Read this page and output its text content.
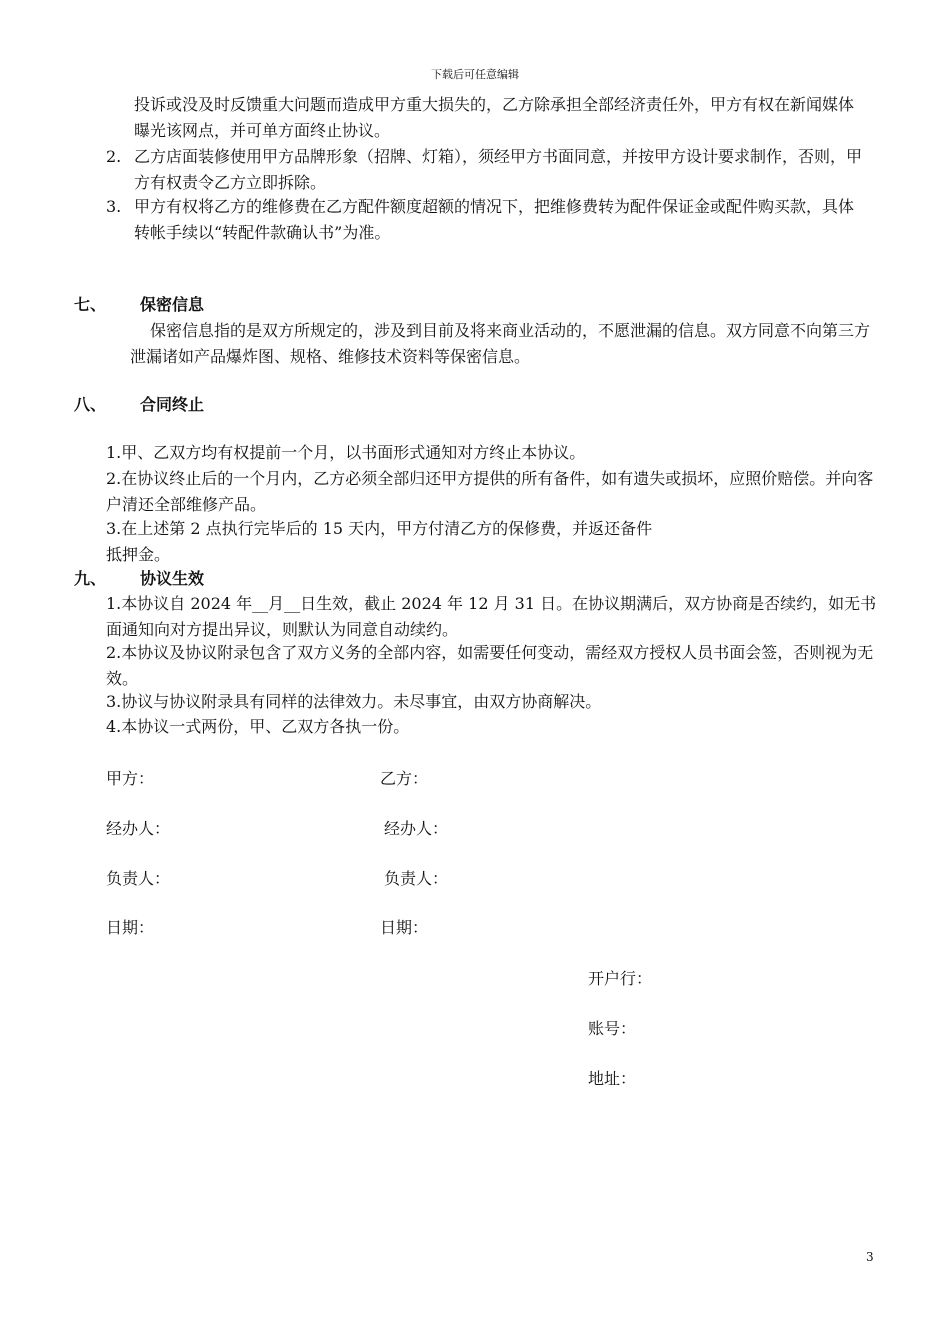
下载后可任意编辑
投诉或没及时反馈重大问题而造成甲方重大损失的，乙方除承担全部经济责任外，甲方有权在新闻媒体曝光该网点，并可单方面终止协议。
2. 乙方店面装修使用甲方品牌形象（招牌、灯箱），须经甲方书面同意，并按甲方设计要求制作，否则，甲方有权责令乙方立即拆除。
3. 甲方有权将乙方的维修费在乙方配件额度超额的情况下，把维修费转为配件保证金或配件购买款，具体转帐手续以“转配件款确认书”为准。
七、 保密信息
保密信息指的是双方所规定的，涉及到目前及将来商业活动的，不愿泄漏的信息。双方同意不向第三方泄漏诸如产品爆炸图、规格、维修技术资料等保密信息。
八、 合同终止
1.甲、乙双方均有权提前一个月，以书面形式通知对方终止本协议。
2.在协议终止后的一个月内，乙方必须全部归还甲方提供的所有备件，如有遗失或损坏，应照价赔偿。并向客户清还全部维修产品。
3.在上述第 2 点执行完毕后的 15 天内，甲方付清乙方的保修费，并返还备件
抵押金。
九、 协议生效
1.本协议自 2024 年__月__日生效，截止 2024 年 12 月 31 日。在协议期满后，双方协商是否续约，如无书面通知向对方提出异议，则默认为同意自动续约。
2.本协议及协议附录包含了双方义务的全部内容，如需要任何变动，需经双方授权人员书面会签，否则视为无效。
3.协议与协议附录具有同样的法律效力。未尽事宜，由双方协商解决。
4.本协议一式两份，甲、乙双方各执一份。
甲方：	乙方：
经办人：	经办人：
负责人：	负责人：
日期：	日期：
开户行：
账号：
地址：
3
